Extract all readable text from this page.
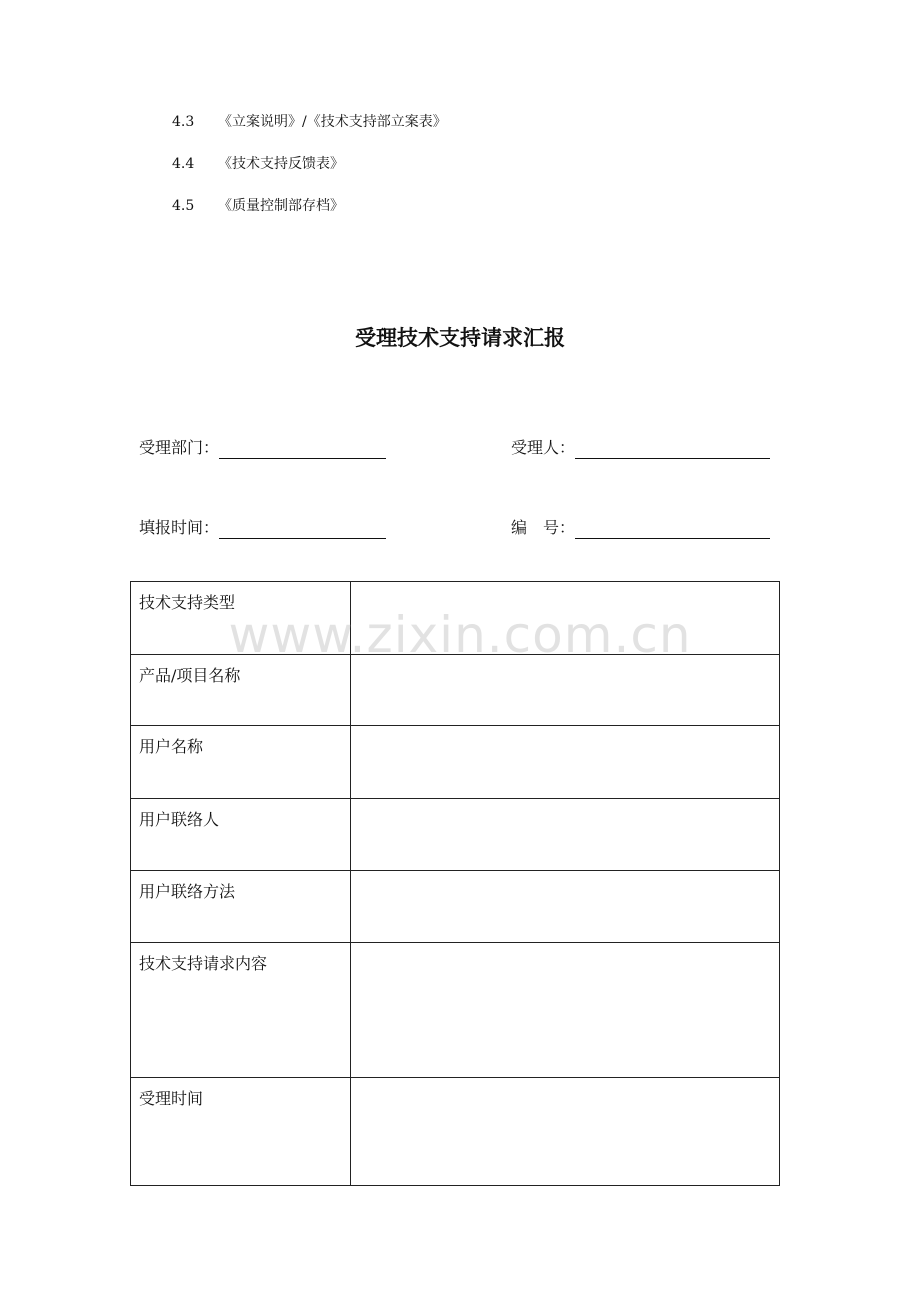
4.3	《立案说明》/《技术支持部立案表》
4.4	《技术支持反馈表》
4.5	《质量控制部存档》
受理技术支持请求汇报
受理部门：	受理人：
填报时间：	编　号：
技术支持类型	
产品/项目名称	
用户名称	
用户联络人	
用户联络方法	
技术支持请求内容	
受理时间	
www.zixin.com.cn
